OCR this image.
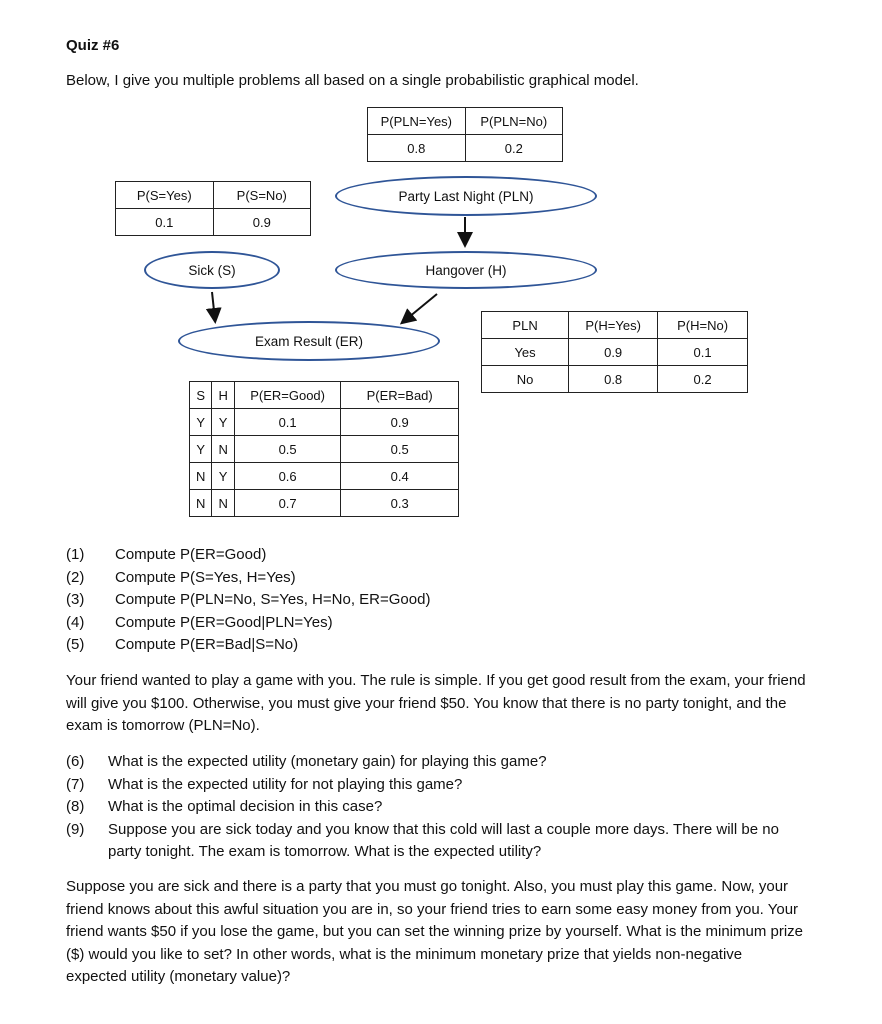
Quiz #6
Below, I give you multiple problems all based on a single probabilistic graphical model.
P(PLN=Yes)	P(PLN=No)
0.8	0.2
P(S=Yes)	P(S=No)
0.1	0.9
Party Last Night (PLN)
Sick (S)	Hangover (H)
Exam Result (ER)
PLN	P(H=Yes)	P(H=No)
Yes	0.9	0.1
No	0.8	0.2
S	H	P(ER=Good)	P(ER=Bad)
Y	Y	0.1	0.9
Y	N	0.5	0.5
N	Y	0.6	0.4
N	N	0.7	0.3
(1)	Compute P(ER=Good)
(2)	Compute P(S=Yes, H=Yes)
(3)	Compute P(PLN=No, S=Yes, H=No, ER=Good)
(4)	Compute P(ER=Good|PLN=Yes)
(5)	Compute P(ER=Bad|S=No)
Your friend wanted to play a game with you. The rule is simple. If you get good result from the exam, your friend will give you $100. Otherwise, you must give your friend $50. You know that there is no party tonight, and the exam is tomorrow (PLN=No).
(6)	What is the expected utility (monetary gain) for playing this game?
(7)	What is the expected utility for not playing this game?
(8)	What is the optimal decision in this case?
(9)	Suppose you are sick today and you know that this cold will last a couple more days. There will be no party tonight. The exam is tomorrow. What is the expected utility?
Suppose you are sick and there is a party that you must go tonight. Also, you must play this game. Now, your friend knows about this awful situation you are in, so your friend tries to earn some easy money from you. Your friend wants $50 if you lose the game, but you can set the winning prize by yourself. What is the minimum prize ($) would you like to set? In other words, what is the minimum monetary prize that yields non-negative expected utility (monetary value)?
